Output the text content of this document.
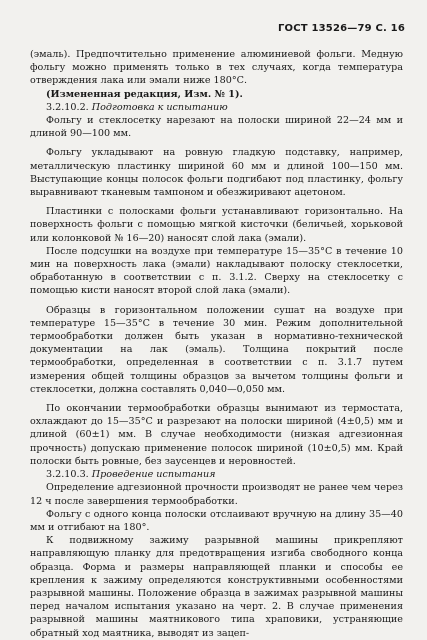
ГОСТ 13526—79 С. 16

(эмаль). Предпочтительно применение алюминиевой фольги. Медную фольгу можно применять только в тех случаях, когда температура отверждения лака или эмали ниже 180°С.

(Измененная редакция, Изм. № 1).

3.2.10.2. Подготовка к испытанию

Фольгу и стеклосетку нарезают на полоски шириной 22—24 мм и длиной 90—100 мм.

Фольгу укладывают на ровную гладкую подставку, например, металлическую пластинку шириной 60 мм и длиной 100—150 мм. Выступающие концы полосок фольги подгибают под пластинку, фольгу выравнивают тканевым тампоном и обезжиривают ацетоном.

Пластинки с полосками фольги устанавливают горизонтально. На поверхность фольги с помощью мягкой кисточки (беличьей, хорьковой или колонковой № 16—20) наносят слой лака (эмали).

После подсушки на воздухе при температуре 15—35°С в течение 10 мин на поверхность лака (эмали) накладывают полоску стеклосетки, обработанную в соответствии с п. 3.1.2. Сверху на стеклосетку с помощью кисти наносят второй слой лака (эмали).

Образцы в горизонтальном положении сушат на воздухе при температуре 15—35°С в течение 30 мин. Режим дополнительной термообработки должен быть указан в нормативно-технической документации на лак (эмаль). Толщина покрытий после термообработки, определенная в соответствии с п. 3.1.7 путем измерения общей толщины образцов за вычетом толщины фольги и стеклосетки, должна составлять 0,040—0,050 мм.

По окончании термообработки образцы вынимают из термостата, охлаждают до 15—35°С и разрезают на полоски шириной (4±0,5) мм и длиной (60±1) мм. В случае необходимости (низкая адгезионная прочность) допускаю применение полосок шириной (10±0,5) мм. Край полоски быть ровные, без заусенцев и неровностей.

3.2.10.3. Проведение испытания

Определение адгезионной прочности производят не ранее чем через 12 ч после завершения термообработки.

Фольгу с одного конца полоски отслаивают вручную на длину 35—40 мм и отгибают на 180°.

К подвижному зажиму разрывной машины прикрепляют направляющую планку для предотвращения изгиба свободного конца образца. Форма и размеры направляющей планки и способы ее крепления к зажиму определяются конструктивными особенностями разрывной машины. Положение образца в зажимах разрывной машины перед началом испытания указано на черт. 2. В случае применения разрывной машины маятникового типа храповики, устраняющие обратный ход маятника, выводят из зацеп-
